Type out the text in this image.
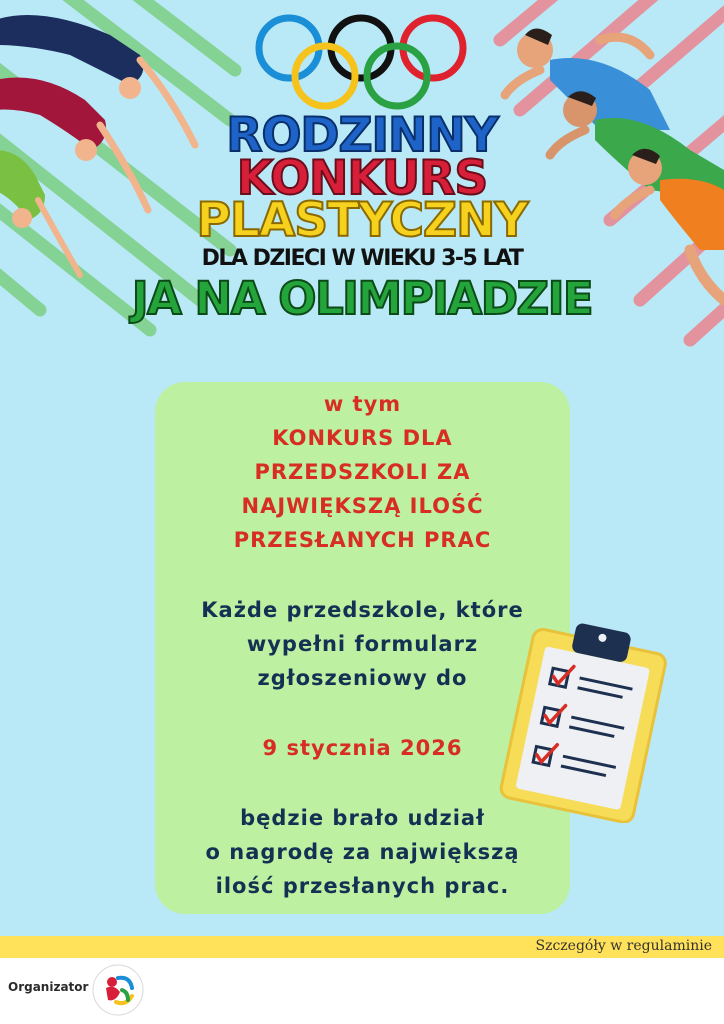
RODZINNY

KONKURS

PLASTYCZNY

DLA DZIECI W WIEKU 3-5 LAT

JA NA OLIMPIADZIE

w tym

KONKURS DLA

PRZEDSZKOLI ZA

NAJWIĘKSZĄ ILOŚĆ

PRZESŁANYCH PRAC

Każde przedszkole, które

wypełni formularz

zgłoszeniowy do

9 stycznia 2026

będzie brało udział

o nagrodę za największą

ilość przesłanych prac.

Szczegóły w regulaminie

Organizator
